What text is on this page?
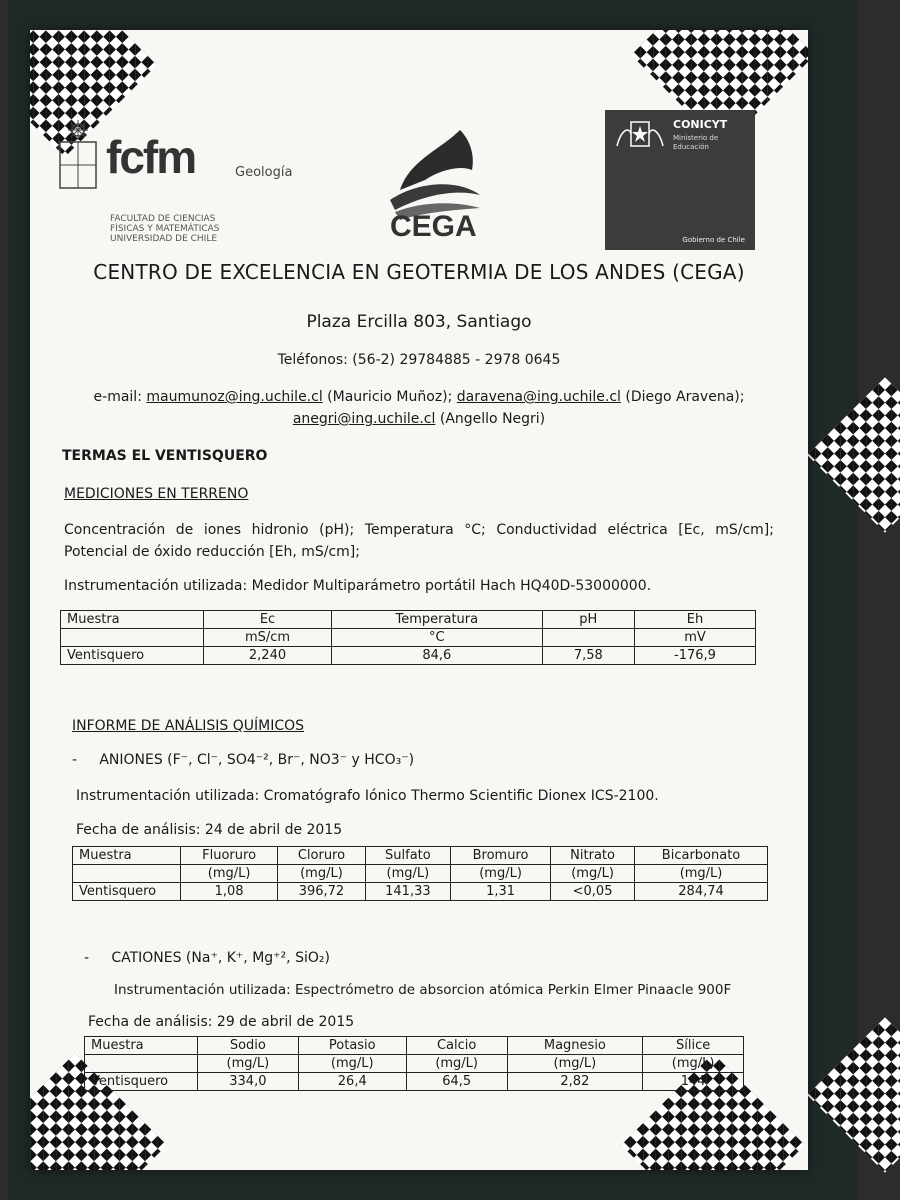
fcfm	Geología
FACULTAD DE CIENCIAS
FÍSICAS Y MATEMÁTICAS
UNIVERSIDAD DE CHILE	CEGA
CONICYT
Ministerio de
Educación
Gobierno de Chile
CENTRO DE EXCELENCIA EN GEOTERMIA DE LOS ANDES (CEGA)
Plaza Ercilla 803, Santiago
Teléfonos: (56-2) 29784885 - 2978 0645
e-mail: maumunoz@ing.uchile.cl (Mauricio Muñoz); daravena@ing.uchile.cl (Diego Aravena);
anegri@ing.uchile.cl (Angello Negri)
TERMAS EL VENTISQUERO
MEDICIONES EN TERRENO
Concentración de iones hidronio (pH); Temperatura °C; Conductividad eléctrica [Ec, mS/cm]; Potencial de óxido reducción [Eh, mS/cm];
Instrumentación utilizada: Medidor Multiparámetro portátil Hach HQ40D-53000000.
Muestra	Ec	Temperatura	pH	Eh
	mS/cm	°C		mV
Ventisquero	2,240	84,6	7,58	-176,9
INFORME DE ANÁLISIS QUÍMICOS
-     ANIONES (F⁻, Cl⁻, SO4⁻², Br⁻, NO3⁻ y HCO₃⁻)
Instrumentación utilizada: Cromatógrafo Iónico Thermo Scientific Dionex ICS-2100.
Fecha de análisis: 24 de abril de 2015
Muestra	Fluoruro	Cloruro	Sulfato	Bromuro	Nitrato	Bicarbonato
	(mg/L)	(mg/L)	(mg/L)	(mg/L)	(mg/L)	(mg/L)
Ventisquero	1,08	396,72	141,33	1,31	<0,05	284,74
-     CATIONES (Na⁺, K⁺, Mg⁺², SiO₂)
Instrumentación utilizada: Espectrómetro de absorcion atómica Perkin Elmer Pinaacle 900F
Fecha de análisis: 29 de abril de 2015
Muestra	Sodio	Potasio	Calcio	Magnesio	Sílice
	(mg/L)	(mg/L)	(mg/L)	(mg/L)	(mg/L)
Ventisquero	334,0	26,4	64,5	2,82	144
